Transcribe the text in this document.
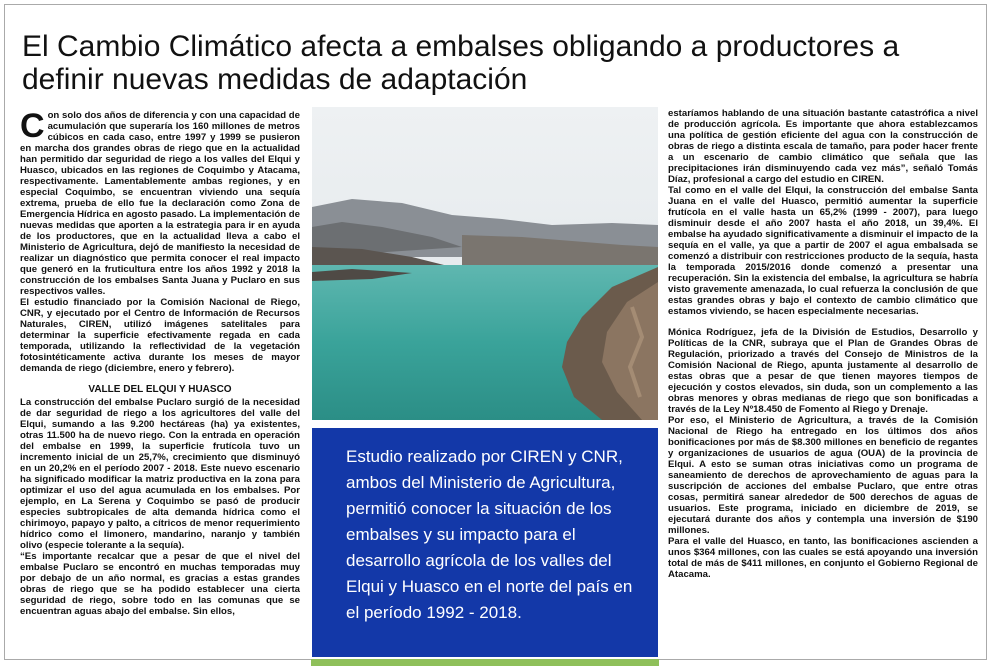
El Cambio Climático afecta a embalses obligando a productores a definir nuevas medidas de adaptación

Con solo dos años de diferencia y con una capacidad de acumulación que superaría los 160 millones de metros cúbicos en cada caso, entre 1997 y 1999 se pusieron en marcha dos grandes obras de riego que en la actualidad han permitido dar seguridad de riego a los valles del Elqui y Huasco, ubicados en las regiones de Coquimbo y Atacama, respectivamente. Lamentablemente ambas regiones, y en especial Coquimbo, se encuentran viviendo una sequía extrema, prueba de ello fue la declaración como Zona de Emergencia Hídrica en agosto pasado. La implementación de nuevas medidas que aporten a la estrategia para ir en ayuda de los productores, que en la actualidad lleva a cabo el Ministerio de Agricultura, dejó de manifiesto la necesidad de realizar un diagnóstico que permita conocer el real impacto que generó en la fruticultura entre los años 1992 y 2018 la construcción de los embalses Santa Juana y Puclaro en sus respectivos valles.

El estudio financiado por la Comisión Nacional de Riego, CNR, y ejecutado por el Centro de Información de Recursos Naturales, CIREN, utilizó imágenes satelitales para determinar la superficie efectivamente regada en cada temporada, utilizando la reflectividad de la vegetación fotosintéticamente activa durante los meses de mayor demanda de riego (diciembre, enero y febrero).

VALLE DEL ELQUI Y HUASCO

La construcción del embalse Puclaro surgió de la necesidad de dar seguridad de riego a los agricultores del valle del Elqui, sumando a las 9.200 hectáreas (ha) ya existentes, otras 11.500 ha de nuevo riego. Con la entrada en operación del embalse en 1999, la superficie frutícola tuvo un incremento inicial de un 25,7%, crecimiento que disminuyó en un 20,2% en el período 2007 - 2018. Este nuevo escenario ha significado modificar la matriz productiva en la zona para optimizar el uso del agua acumulada en los embalses. Por ejemplo, en La Serena y Coquimbo se pasó de producir especies subtropicales de alta demanda hídrica como el chirimoyo, papayo y palto, a cítricos de menor requerimiento hídrico como el limonero, mandarino, naranjo y también olivo (especie tolerante a la sequía).

“Es importante recalcar que a pesar de que el nivel del embalse Puclaro se encontró en muchas temporadas muy por debajo de un año normal, es gracias a estas grandes obras de riego que se ha podido establecer una cierta seguridad de riego, sobre todo en las comunas que se encuentran aguas abajo del embalse. Sin ellos,

Estudio realizado por CIREN y CNR, ambos del Ministerio de Agricultura, permitió conocer la situación de los embalses y su impacto para el desarrollo agrícola de los valles del Elqui y Huasco en el norte del país en el período 1992 - 2018.

estaríamos hablando de una situación bastante catastrófica a nivel de producción agrícola. Es importante que ahora establezcamos una política de gestión eficiente del agua con la construcción de obras de riego a distinta escala de tamaño, para poder hacer frente a un escenario de cambio climático que señala que las precipitaciones irán disminuyendo cada vez más”, señaló Tomás Díaz, profesional a cargo del estudio en CIREN.

Tal como en el valle del Elqui, la construcción del embalse Santa Juana en el valle del Huasco, permitió aumentar la superficie frutícola en el valle hasta un 65,2% (1999 - 2007), para luego disminuir desde el año 2007 hasta el año 2018, un 39,4%. El embalse ha ayudado significativamente a disminuir el impacto de la sequía en el valle, ya que a partir de 2007 el agua embalsada se comenzó a distribuir con restricciones producto de la sequía, hasta la temporada 2015/2016 donde comenzó a presentar una recuperación. Sin la existencia del embalse, la agricultura se habría visto gravemente amenazada, lo cual refuerza la conclusión de que estas grandes obras y bajo el contexto de cambio climático que estamos viviendo, se hacen especialmente necesarias.

Mónica Rodríguez, jefa de la División de Estudios, Desarrollo y Políticas de la CNR, subraya que el Plan de Grandes Obras de Regulación, priorizado a través del Consejo de Ministros de la Comisión Nacional de Riego, apunta justamente al desarrollo de estas obras que a pesar de que tienen mayores tiempos de ejecución y costos elevados, sin duda, son un complemento a las obras menores y obras medianas de riego que son bonificadas a través de la Ley Nº18.450 de Fomento al Riego y Drenaje.

Por eso, el Ministerio de Agricultura, a través de la Comisión Nacional de Riego ha entregado en los últimos dos años bonificaciones por más de $8.300 millones en beneficio de regantes y organizaciones de usuarios de agua (OUA) de la provincia de Elqui. A esto se suman otras iniciativas como un programa de saneamiento de derechos de aprovechamiento de aguas para la suscripción de acciones del embalse Puclaro, que entre otras cosas, permitirá sanear alrededor de 500 derechos de aguas de usuarios. Este programa, iniciado en diciembre de 2019, se ejecutará durante dos años y contempla una inversión de $190 millones.

Para el valle del Huasco, en tanto, las bonificaciones ascienden a unos $364 millones, con las cuales se está apoyando una inversión total de más de $411 millones, en conjunto el Gobierno Regional de Atacama.
